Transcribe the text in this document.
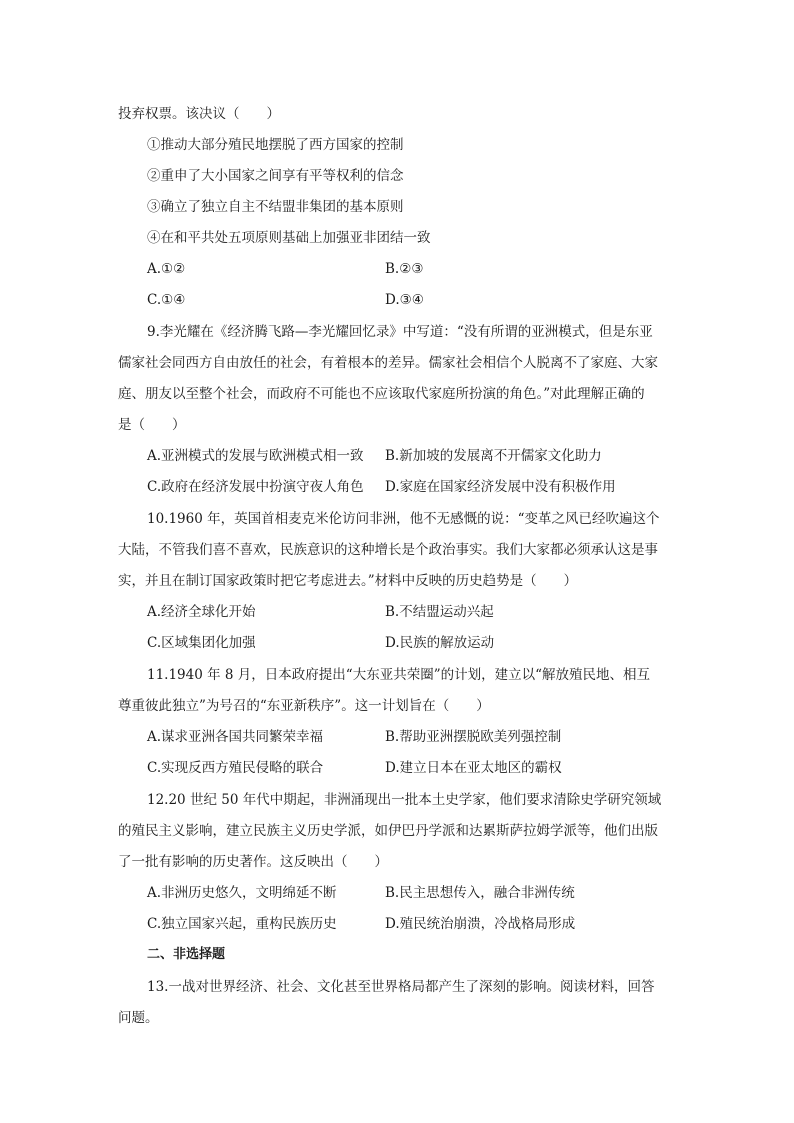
投弃权票。该决议（　　）
①推动大部分殖民地摆脱了西方国家的控制
②重申了大小国家之间享有平等权利的信念
③确立了独立自主不结盟非集团的基本原则
④在和平共处五项原则基础上加强亚非团结一致
A.①②	B.②③
C.①④	D.③④
9.李光耀在《经济腾飞路—李光耀回忆录》中写道：“没有所谓的亚洲模式，但是东亚
儒家社会同西方自由放任的社会，有着根本的差异。儒家社会相信个人脱离不了家庭、大家
庭、朋友以至整个社会，而政府不可能也不应该取代家庭所扮演的角色。”对此理解正确的
是（　　）
A.亚洲模式的发展与欧洲模式相一致 B.新加坡的发展离不开儒家文化助力
C.政府在经济发展中扮演守夜人角色 D.家庭在国家经济发展中没有积极作用
10.1960 年，英国首相麦克米伦访问非洲，他不无感慨的说：“变革之风已经吹遍这个
大陆，不管我们喜不喜欢，民族意识的这种增长是个政治事实。我们大家都必须承认这是事
实，并且在制订国家政策时把它考虑进去。”材料中反映的历史趋势是（　　）
A.经济全球化开始	B.不结盟运动兴起
C.区域集团化加强	D.民族的解放运动
11.1940 年 8 月，日本政府提出“大东亚共荣圈”的计划，建立以“解放殖民地、相互
尊重彼此独立”为号召的“东亚新秩序”。这一计划旨在（　　）
A.谋求亚洲各国共同繁荣幸福	B.帮助亚洲摆脱欧美列强控制
C.实现反西方殖民侵略的联合	D.建立日本在亚太地区的霸权
12.20 世纪 50 年代中期起，非洲涌现出一批本土史学家，他们要求清除史学研究领域
的殖民主义影响，建立民族主义历史学派，如伊巴丹学派和达累斯萨拉姆学派等，他们出版
了一批有影响的历史著作。这反映出（　　）
A.非洲历史悠久，文明绵延不断	B.民主思想传入，融合非洲传统
C.独立国家兴起，重构民族历史	D.殖民统治崩溃，冷战格局形成
二、非选择题
13.一战对世界经济、社会、文化甚至世界格局都产生了深刻的影响。阅读材料，回答
问题。
